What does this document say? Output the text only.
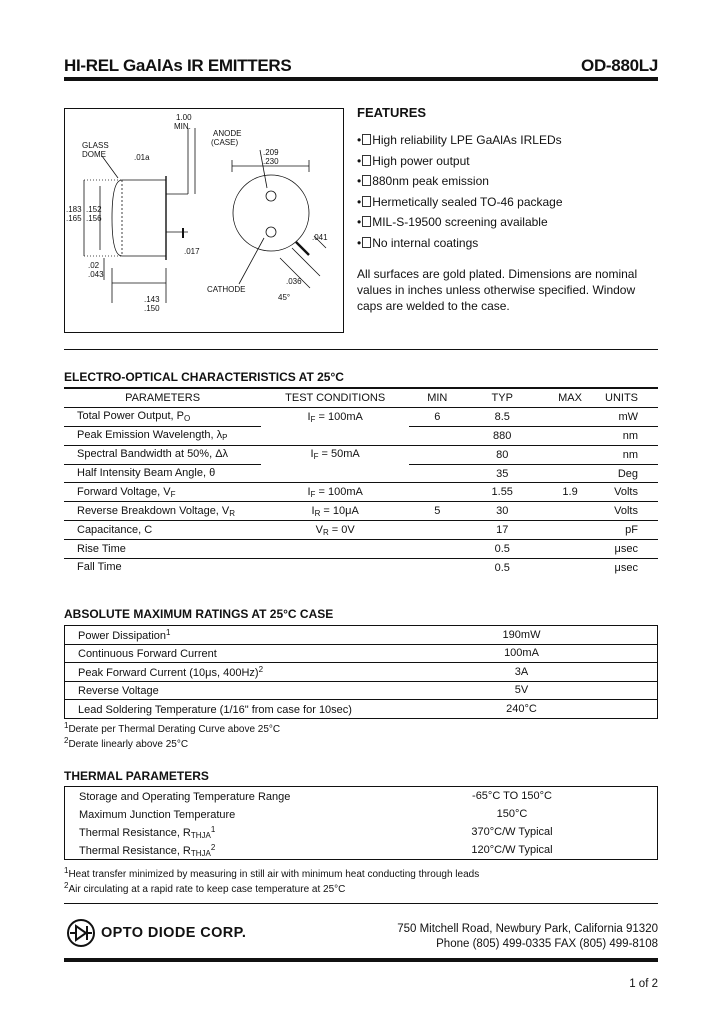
HI-REL GaAlAs IR EMITTERS	OD-880LJ
1.00
MIN.
ANODE
(CASE)
GLASS
DOME	.01a
.209
.230
.183
.165
.152
.156
.017
.041
.02
.043
CATHODE
.036
.143
.150
45°
FEATURES
• High reliability LPE GaAlAs IRLEDs
• High power output
• 880nm peak emission
• Hermetically sealed TO-46 package
• MIL-S-19500 screening available
• No internal coatings
All surfaces are gold plated. Dimensions are nominal values in inches unless otherwise specified. Window caps are welded to the case.
ELECTRO-OPTICAL CHARACTERISTICS AT 25°C
PARAMETERS	TEST CONDITIONS	MIN	TYP	MAX	UNITS
Total Power Output, $P_O$	$I_F = 100mA$	6	8.5		mW
Peak Emission Wavelength, $\lambda_P$			880		nm
Spectral Bandwidth at 50%, Δλ	$I_F = 50mA$		80		nm
Half Intensity Beam Angle, θ			35		Deg
Forward Voltage, $V_F$	$I_F = 100mA$		1.55	1.9	Volts
Reverse Breakdown Voltage, $V_R$	$I_R = 10\mu A$	5	30		Volts
Capacitance, C	$V_R = 0V$		17		pF
Rise Time			0.5		μsec
Fall Time			0.5		μsec
ABSOLUTE MAXIMUM RATINGS AT 25°C CASE
Power Dissipation$^1$	190mW
Continuous Forward Current	100mA
Peak Forward Current (10μs, 400Hz)$^2$	3A
Reverse Voltage	5V
Lead Soldering Temperature (1/16" from case for 10sec)	240°C
$^1$Derate per Thermal Derating Curve above 25°C
$^2$Derate linearly above 25°C
THERMAL PARAMETERS
Storage and Operating Temperature Range	-65°C TO 150°C
Maximum Junction Temperature	150°C
Thermal Resistance, $R_{THJA}^1$	370°C/W Typical
Thermal Resistance, $R_{THJA}^2$	120°C/W Typical
$^1$Heat transfer minimized by measuring in still air with minimum heat conducting through leads
$^2$Air circulating at a rapid rate to keep case temperature at 25°C
OPTO DIODE CORP.	750 Mitchell Road, Newbury Park, California 91320
Phone (805) 499-0335 FAX (805) 499-8108
1 of 2
